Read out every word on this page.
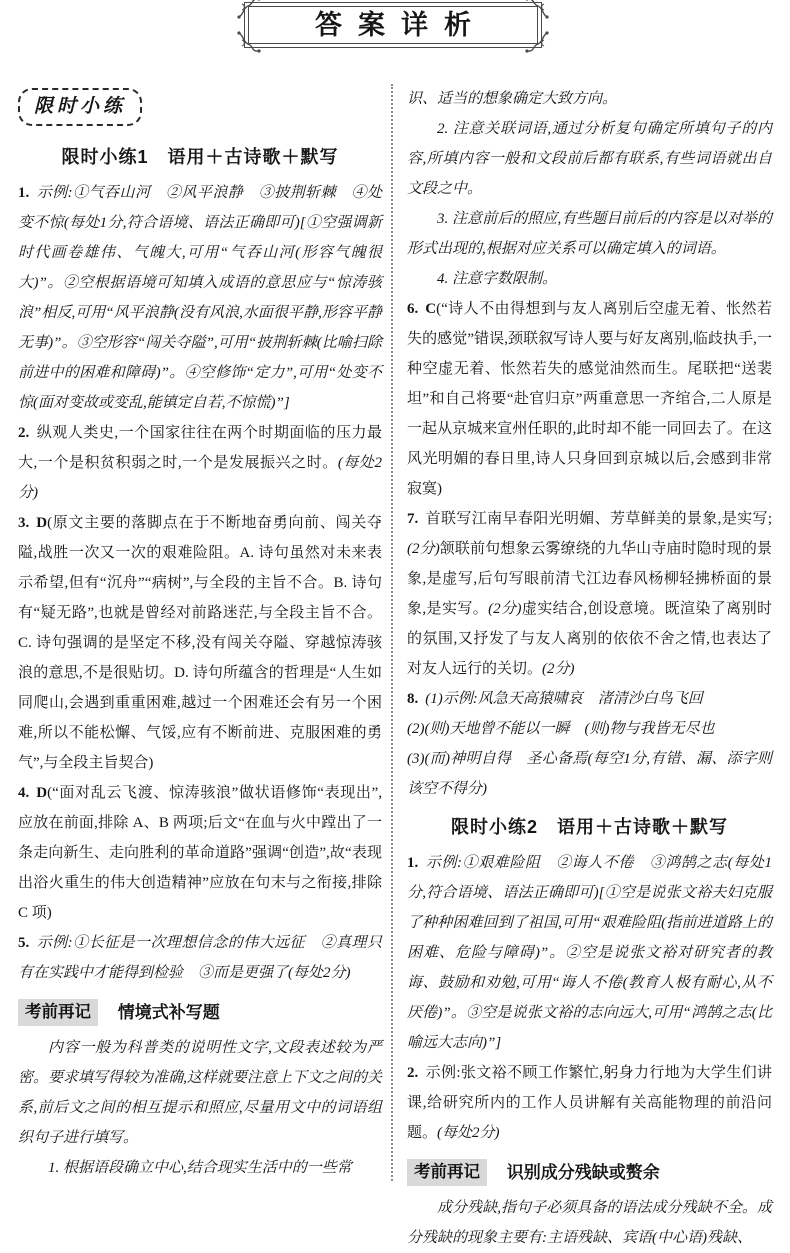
答案详析
限时小练
限时小练1　语用＋古诗歌＋默写

1. 示例:①气吞山河　②风平浪静　③披荆斩棘　④处变不惊(每处1分,符合语境、语法正确即可)[①空强调新时代画卷雄伟、气魄大,可用“气吞山河(形容气魄很大)”。②空根据语境可知填入成语的意思应与“惊涛骇浪”相反,可用“风平浪静(没有风浪,水面很平静,形容平静无事)”。③空形容“闯关夺隘”,可用“披荆斩棘(比喻扫除前进中的困难和障碍)”。④空修饰“定力”,可用“处变不惊(面对变故或变乱,能镇定自若,不惊慌)”]

2. 纵观人类史,一个国家往往在两个时期面临的压力最大,一个是积贫积弱之时,一个是发展振兴之时。(每处2分)

3. D(原文主要的落脚点在于不断地奋勇向前、闯关夺隘,战胜一次又一次的艰难险阻。A. 诗句虽然对未来表示希望,但有“沉舟”“病树”,与全段的主旨不合。B. 诗句有“疑无路”,也就是曾经对前路迷茫,与全段主旨不合。C. 诗句强调的是坚定不移,没有闯关夺隘、穿越惊涛骇浪的意思,不是很贴切。D. 诗句所蕴含的哲理是“人生如同爬山,会遇到重重困难,越过一个困难还会有另一个困难,所以不能松懈、气馁,应有不断前进、克服困难的勇气”,与全段主旨契合)

4. D(“面对乱云飞渡、惊涛骇浪”做状语修饰“表现出”,应放在前面,排除 A、B 两项;后文“在血与火中蹚出了一条走向新生、走向胜利的革命道路”强调“创造”,故“表现出浴火重生的伟大创造精神”应放在句末与之衔接,排除 C 项)

5. 示例:①长征是一次理想信念的伟大远征　②真理只有在实践中才能得到检验　③而是更强了(每处2分)

考前再记 情境式补写题

内容一般为科普类的说明性文字,文段表述较为严密。要求填写得较为准确,这样就要注意上下文之间的关系,前后文之间的相互提示和照应,尽量用文中的词语组织句子进行填写。

1. 根据语段确立中心,结合现实生活中的一些常

识、适当的想象确定大致方向。

2. 注意关联词语,通过分析复句确定所填句子的内容,所填内容一般和文段前后都有联系,有些词语就出自文段之中。

3. 注意前后的照应,有些题目前后的内容是以对举的形式出现的,根据对应关系可以确定填入的词语。

4. 注意字数限制。

6. C(“诗人不由得想到与友人离别后空虚无着、怅然若失的感觉”错误,颈联叙写诗人要与好友离别,临歧执手,一种空虚无着、怅然若失的感觉油然而生。尾联把“送裴坦”和自己将要“赴官归京”两重意思一齐绾合,二人原是一起从京城来宣州任职的,此时却不能一同回去了。在这风光明媚的春日里,诗人只身回到京城以后,会感到非常寂寞)

7. 首联写江南早春阳光明媚、芳草鲜美的景象,是实写;(2分)颔联前句想象云雾缭绕的九华山寺庙时隐时现的景象,是虚写,后句写眼前清弋江边春风杨柳轻拂桥面的景象,是实写。(2分)虚实结合,创设意境。既渲染了离别时的氛围,又抒发了与友人离别的依依不舍之情,也表达了对友人远行的关切。(2分)

8. (1)示例:风急天高猿啸哀　渚清沙白鸟飞回
(2)(则)天地曾不能以一瞬　(则)物与我皆无尽也
(3)(而)神明自得　圣心备焉(每空1分,有错、漏、添字则该空不得分)

限时小练2　语用＋古诗歌＋默写

1. 示例:①艰难险阻　②诲人不倦　③鸿鹄之志(每处1分,符合语境、语法正确即可)[①空是说张文裕夫妇克服了种种困难回到了祖国,可用“艰难险阻(指前进道路上的困难、危险与障碍)”。②空是说张文裕对研究者的教诲、鼓励和劝勉,可用“诲人不倦(教育人极有耐心,从不厌倦)”。③空是说张文裕的志向远大,可用“鸿鹄之志(比喻远大志向)”]

2. 示例:张文裕不顾工作繁忙,躬身力行地为大学生们讲课,给研究所内的工作人员讲解有关高能物理的前沿问题。(每处2分)

考前再记 识别成分残缺或赘余

成分残缺,指句子必须具备的语法成分残缺不全。成分残缺的现象主要有:主语残缺、宾语(中心语)残缺、
